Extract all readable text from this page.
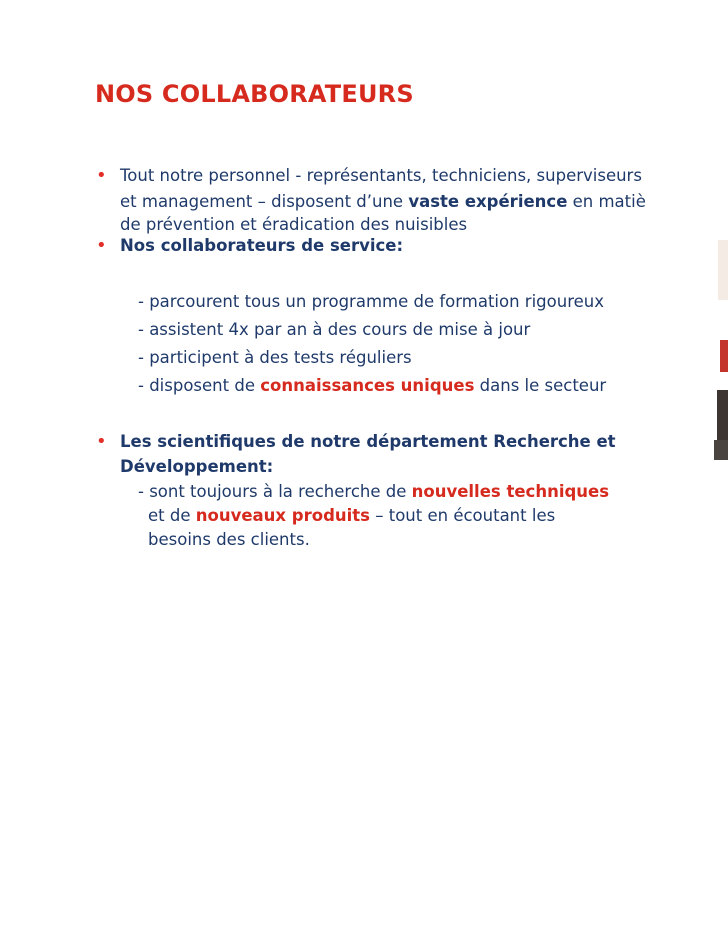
NOS COLLABORATEURS
• Tout notre personnel - représentants, techniciens, superviseurs
et management – disposent d’une vaste expérience en matiè
de prévention et éradication des nuisibles
• Nos collaborateurs de service:
- parcourent tous un programme de formation rigoureux
- assistent 4x par an à des cours de mise à jour
- participent à des tests réguliers
- disposent de connaissances uniques dans le secteur
• Les scientifiques de notre département Recherche et
Développement:
- sont toujours à la recherche de nouvelles techniques
et de nouveaux produits – tout en écoutant les
besoins des clients.
